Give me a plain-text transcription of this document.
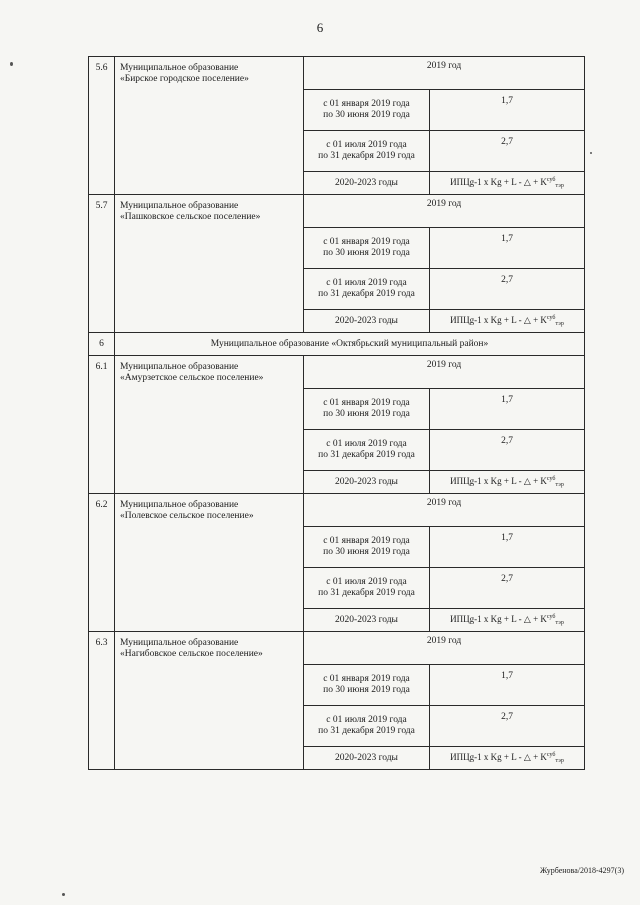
6
5.6	Муниципальное образование
«Бирское городское поселение»	2019 год	

		с 01 января 2019 года
по 30 июня 2019 года	1,7

		с 01 июля 2019 года
по 31 декабря 2019 года	2,7
		2020-2023 годы	ИПЦg-1 x Kg + L - △ + $K^{суб}_{тэр}$
5.7	Муниципальное образование
«Пашковское сельское поселение»	2019 год	

		с 01 января 2019 года
по 30 июня 2019 года	1,7

		с 01 июля 2019 года
по 31 декабря 2019 года	2,7
		2020-2023 годы	ИПЦg-1 x Kg + L - △ + $K^{суб}_{тэр}$
6	Муниципальное образование «Октябрьский муниципальный район»		
6.1	Муниципальное образование
«Амурзетское сельское поселение»	2019 год	

		с 01 января 2019 года
по 30 июня 2019 года	1,7

		с 01 июля 2019 года
по 31 декабря 2019 года	2,7
		2020-2023 годы	ИПЦg-1 x Kg + L - △ + $K^{суб}_{тэр}$
6.2	Муниципальное образование
«Полевское сельское поселение»	2019 год	

		с 01 января 2019 года
по 30 июня 2019 года	1,7

		с 01 июля 2019 года
по 31 декабря 2019 года	2,7
		2020-2023 годы	ИПЦg-1 x Kg + L - △ + $K^{суб}_{тэр}$
6.3	Муниципальное образование
«Нагибовское сельское поселение»	2019 год	

		с 01 января 2019 года
по 30 июня 2019 года	1,7

		с 01 июля 2019 года
по 31 декабря 2019 года	2,7
		2020-2023 годы	ИПЦg-1 x Kg + L - △ + $K^{суб}_{тэр}$
Журбенова/2018-4297(3)
